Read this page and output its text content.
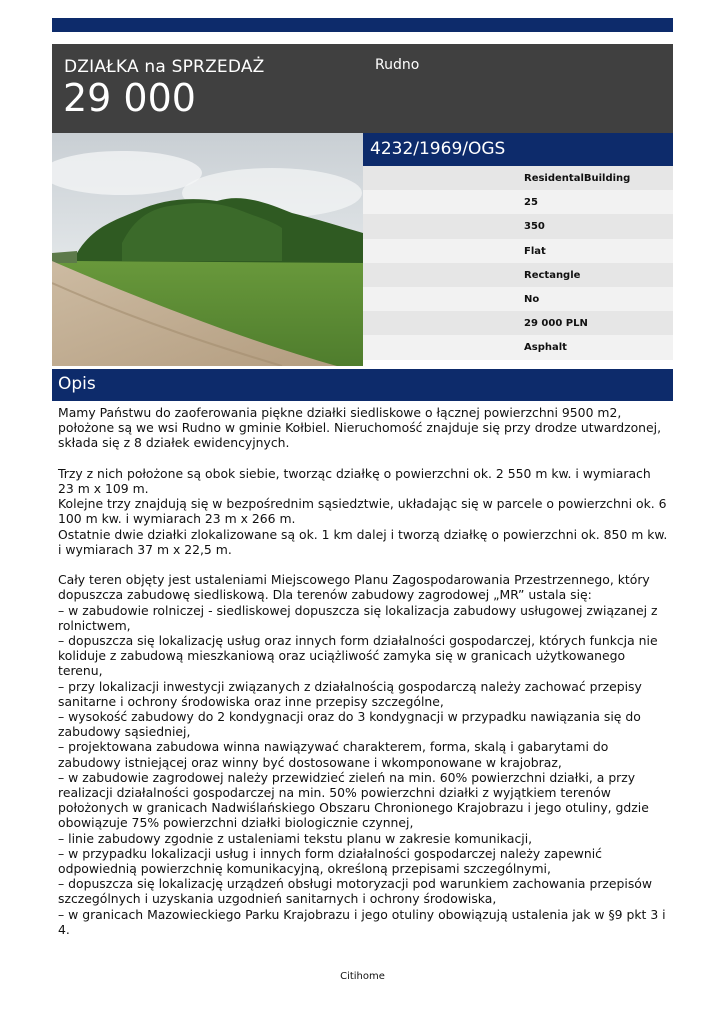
DZIAŁKA na SPRZEDAŻ
29 000
Rudno
4232/1969/OGS
ResidentalBuilding
25
350
Flat
Rectangle
No
29 000 PLN
Asphalt
Opis

Mamy Państwu do zaoferowania piękne działki siedliskowe o łącznej powierzchni 9500 m2, położone są we wsi Rudno w gminie Kołbiel. Nieruchomość znajduje się przy drodze utwardzonej, składa się z 8 działek ewidencyjnych.

Trzy z nich położone są obok siebie, tworząc działkę o powierzchni ok. 2 550 m kw. i wymiarach 23 m x 109 m.

Kolejne trzy znajdują się w bezpośrednim sąsiedztwie, układając się w parcele o powierzchni ok. 6 100 m kw. i wymiarach 23 m x 266 m.

Ostatnie dwie działki zlokalizowane są ok. 1 km dalej i tworzą działkę o powierzchni ok. 850 m kw. i wymiarach 37 m x 22,5 m.

Cały teren objęty jest ustaleniami Miejscowego Planu Zagospodarowania Przestrzennego, który dopuszcza zabudowę siedliskową. Dla terenów zabudowy zagrodowej „MR” ustala się:

– w zabudowie rolniczej - siedliskowej dopuszcza się lokalizacja zabudowy usługowej związanej z rolnictwem,

– dopuszcza się lokalizację usług oraz innych form działalności gospodarczej, których funkcja nie koliduje z zabudową mieszkaniową oraz uciążliwość zamyka się w granicach użytkowanego terenu,

– przy lokalizacji inwestycji związanych z działalnością gospodarczą należy zachować przepisy sanitarne i ochrony środowiska oraz inne przepisy szczególne,

– wysokość zabudowy do 2 kondygnacji oraz do 3 kondygnacji w przypadku nawiązania się do zabudowy sąsiedniej,

– projektowana zabudowa winna nawiązywać charakterem, forma, skalą i gabarytami do zabudowy istniejącej oraz winny być dostosowane i wkomponowane w krajobraz,

– w zabudowie zagrodowej należy przewidzieć zieleń na min. 60% powierzchni działki, a przy realizacji działalności gospodarczej na min. 50% powierzchni działki z wyjątkiem terenów położonych w granicach Nadwiślańskiego Obszaru Chronionego Krajobrazu i jego otuliny, gdzie obowiązuje 75% powierzchni działki biologicznie czynnej,

– linie zabudowy zgodnie z ustaleniami tekstu planu w zakresie komunikacji,

– w przypadku lokalizacji usług i innych form działalności gospodarczej należy zapewnić odpowiednią powierzchnię komunikacyjną, określoną przepisami szczególnymi,

– dopuszcza się lokalizację urządzeń obsługi motoryzacji pod warunkiem zachowania przepisów szczególnych i uzyskania uzgodnień sanitarnych i ochrony środowiska,

– w granicach Mazowieckiego Parku Krajobrazu i jego otuliny obowiązują ustalenia jak w §9 pkt 3 i 4.

Citihome
